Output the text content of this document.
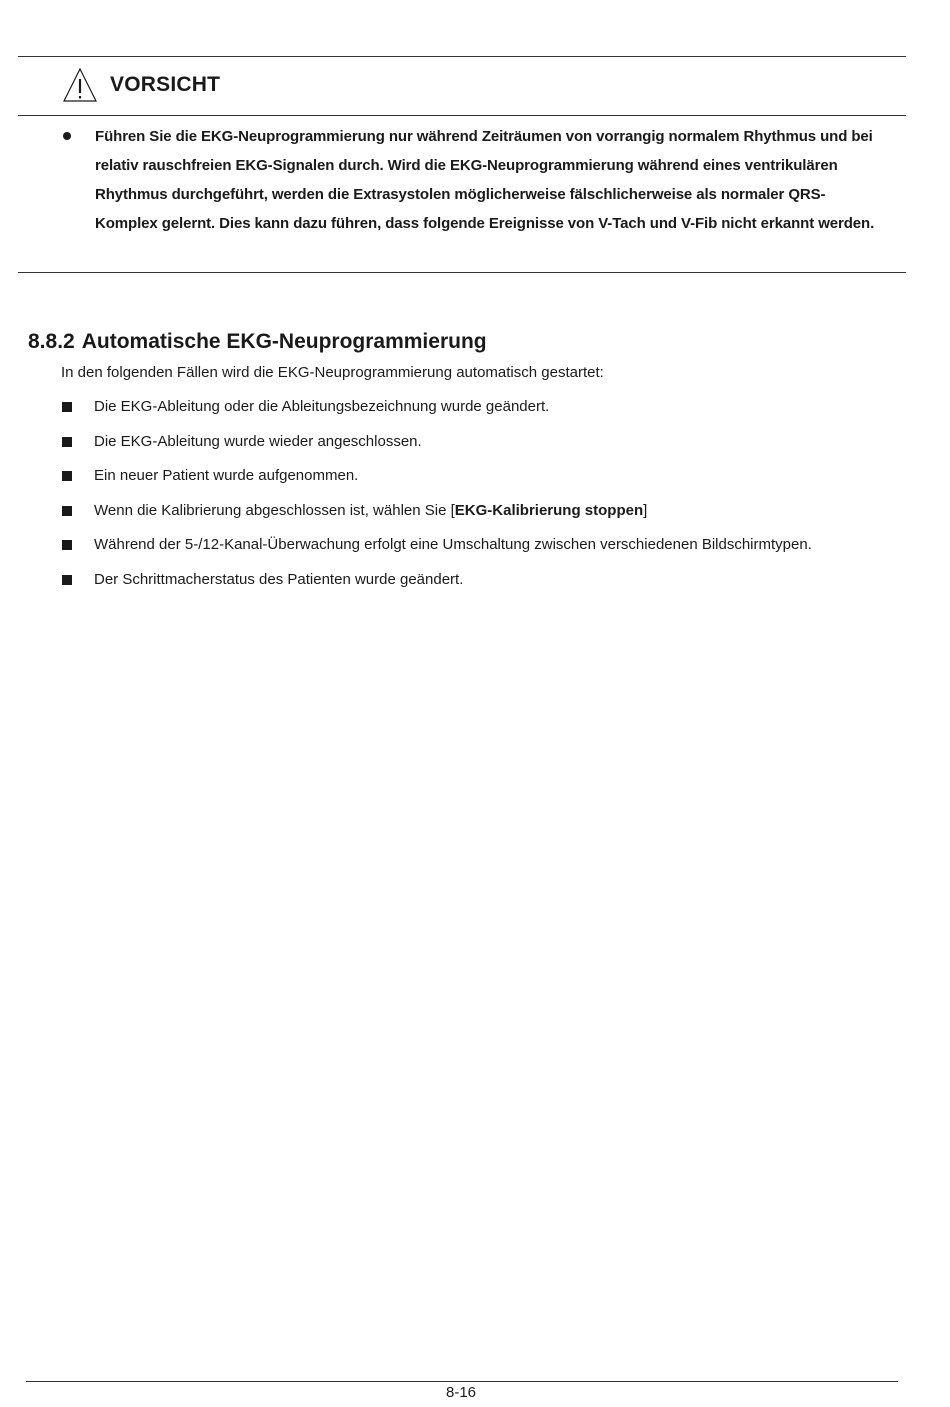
VORSICHT
Führen Sie die EKG-Neuprogrammierung nur während Zeiträumen von vorrangig normalem Rhythmus und bei relativ rauschfreien EKG-Signalen durch. Wird die EKG-Neuprogrammierung während eines ventrikulären Rhythmus durchgeführt, werden die Extrasystolen möglicherweise fälschlicherweise als normaler QRS-Komplex gelernt. Dies kann dazu führen, dass folgende Ereignisse von V-Tach und V-Fib nicht erkannt werden.
8.8.2 Automatische EKG-Neuprogrammierung
In den folgenden Fällen wird die EKG-Neuprogrammierung automatisch gestartet:
Die EKG-Ableitung oder die Ableitungsbezeichnung wurde geändert.
Die EKG-Ableitung wurde wieder angeschlossen.
Ein neuer Patient wurde aufgenommen.
Wenn die Kalibrierung abgeschlossen ist, wählen Sie [EKG-Kalibrierung stoppen]
Während der 5-/12-Kanal-Überwachung erfolgt eine Umschaltung zwischen verschiedenen Bildschirmtypen.
Der Schrittmacherstatus des Patienten wurde geändert.
8-16
